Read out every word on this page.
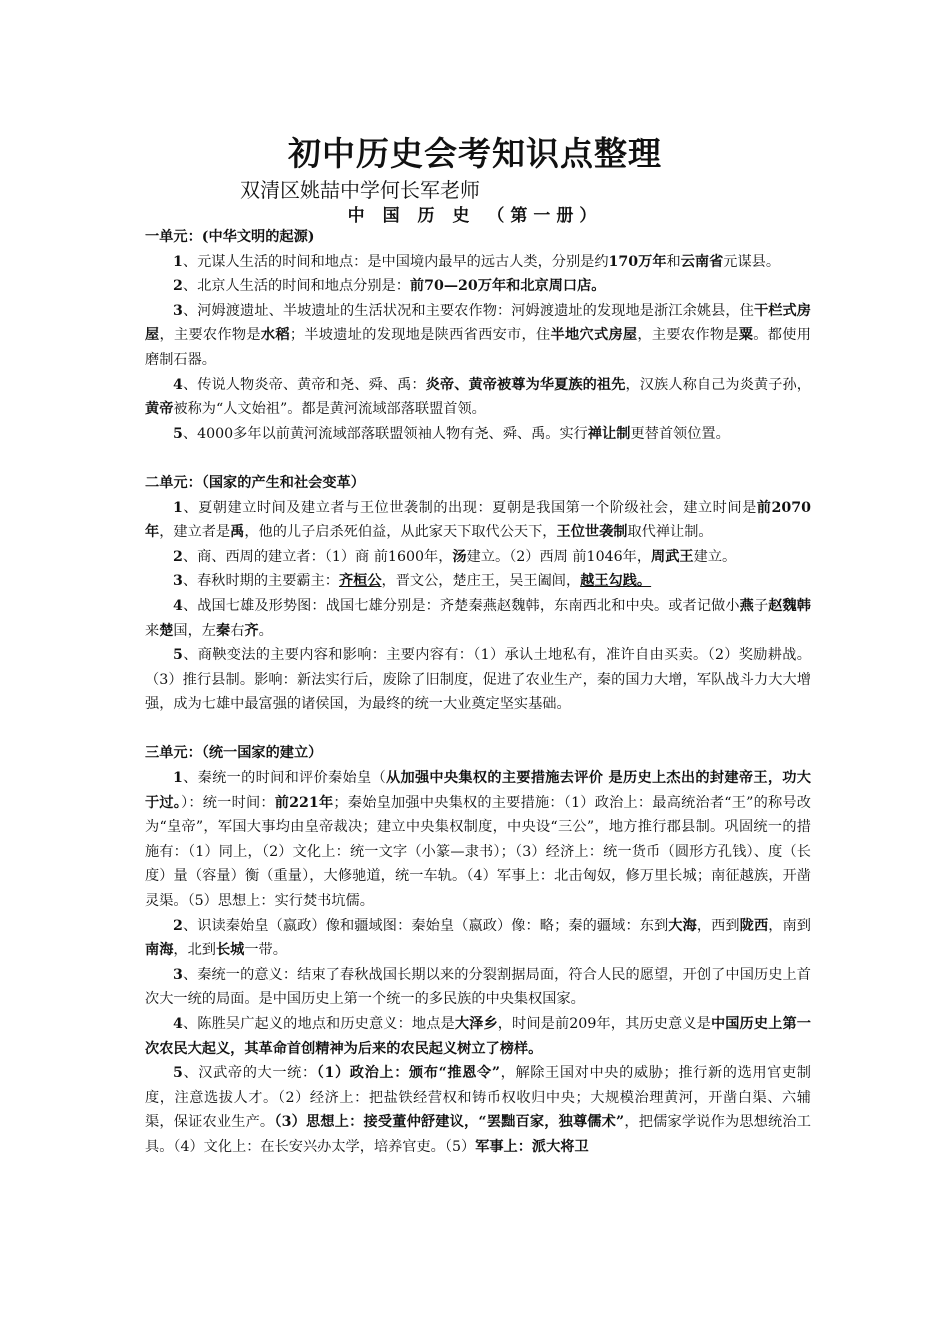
初中历史会考知识点整理
双清区姚喆中学何长军老师
中 国 历 史 （第一册）

一单元：(中华文明的起源)

1、元谋人生活的时间和地点：是中国境内最早的远古人类，分别是约170万年和云南省元谋县。

2、北京人生活的时间和地点分别是：前70—20万年和北京周口店。

3、河姆渡遗址、半坡遗址的生活状况和主要农作物：河姆渡遗址的发现地是浙江余姚县，住干栏式房屋，主要农作物是水稻；半坡遗址的发现地是陕西省西安市，住半地穴式房屋，主要农作物是粟。都使用磨制石器。

4、传说人物炎帝、黄帝和尧、舜、禹：炎帝、黄帝被尊为华夏族的祖先，汉族人称自己为炎黄子孙，黄帝被称为“人文始祖”。都是黄河流域部落联盟首领。

5、4000多年以前黄河流域部落联盟领袖人物有尧、舜、禹。实行禅让制更替首领位置。

二单元：（国家的产生和社会变革）

1、夏朝建立时间及建立者与王位世袭制的出现：夏朝是我国第一个阶级社会，建立时间是前2070年，建立者是禹，他的儿子启杀死伯益，从此家天下取代公天下，王位世袭制取代禅让制。

2、商、西周的建立者：（1）商 前1600年，汤建立。（2）西周 前1046年，周武王建立。

3、春秋时期的主要霸主：齐桓公，晋文公，楚庄王，吴王阖闾，越王勾践。

4、战国七雄及形势图：战国七雄分别是：齐楚秦燕赵魏韩，东南西北和中央。或者记做小燕子赵魏韩来楚国，左秦右齐。

5、商鞅变法的主要内容和影响：主要内容有：（1）承认土地私有，准许自由买卖。（2）奖励耕战。（3）推行县制。影响：新法实行后，废除了旧制度，促进了农业生产，秦的国力大增，军队战斗力大大增强，成为七雄中最富强的诸侯国，为最终的统一大业奠定坚实基础。

三单元：（统一国家的建立）

1、秦统一的时间和评价秦始皇（从加强中央集权的主要措施去评价 是历史上杰出的封建帝王，功大于过。）：统一时间：前221年；秦始皇加强中央集权的主要措施：（1）政治上：最高统治者“王”的称号改为“皇帝”，军国大事均由皇帝裁决；建立中央集权制度，中央设“三公”，地方推行郡县制。巩固统一的措施有：（1）同上，（2）文化上：统一文字（小篆—隶书）；（3）经济上：统一货币（圆形方孔钱）、度（长度）量（容量）衡（重量），大修驰道，统一车轨。（4）军事上：北击匈奴，修万里长城；南征越族，开凿灵渠。（5）思想上：实行焚书坑儒。

2、识读秦始皇（嬴政）像和疆域图：秦始皇（嬴政）像：略；秦的疆域：东到大海，西到陇西，南到南海，北到长城一带。

3、秦统一的意义：结束了春秋战国长期以来的分裂割据局面，符合人民的愿望，开创了中国历史上首次大一统的局面。是中国历史上第一个统一的多民族的中央集权国家。

4、陈胜吴广起义的地点和历史意义：地点是大泽乡，时间是前209年，其历史意义是中国历史上第一次农民大起义，其革命首创精神为后来的农民起义树立了榜样。

5、汉武帝的大一统：（1）政治上：颁布“推恩令”，解除王国对中央的威胁；推行新的选用官吏制度，注意选拔人才。（2）经济上：把盐铁经营权和铸币权收归中央；大规模治理黄河，开凿白渠、六辅渠，保证农业生产。（3）思想上：接受董仲舒建议，“罢黜百家，独尊儒术”，把儒家学说作为思想统治工具。（4）文化上：在长安兴办太学，培养官吏。（5）军事上：派大将卫
